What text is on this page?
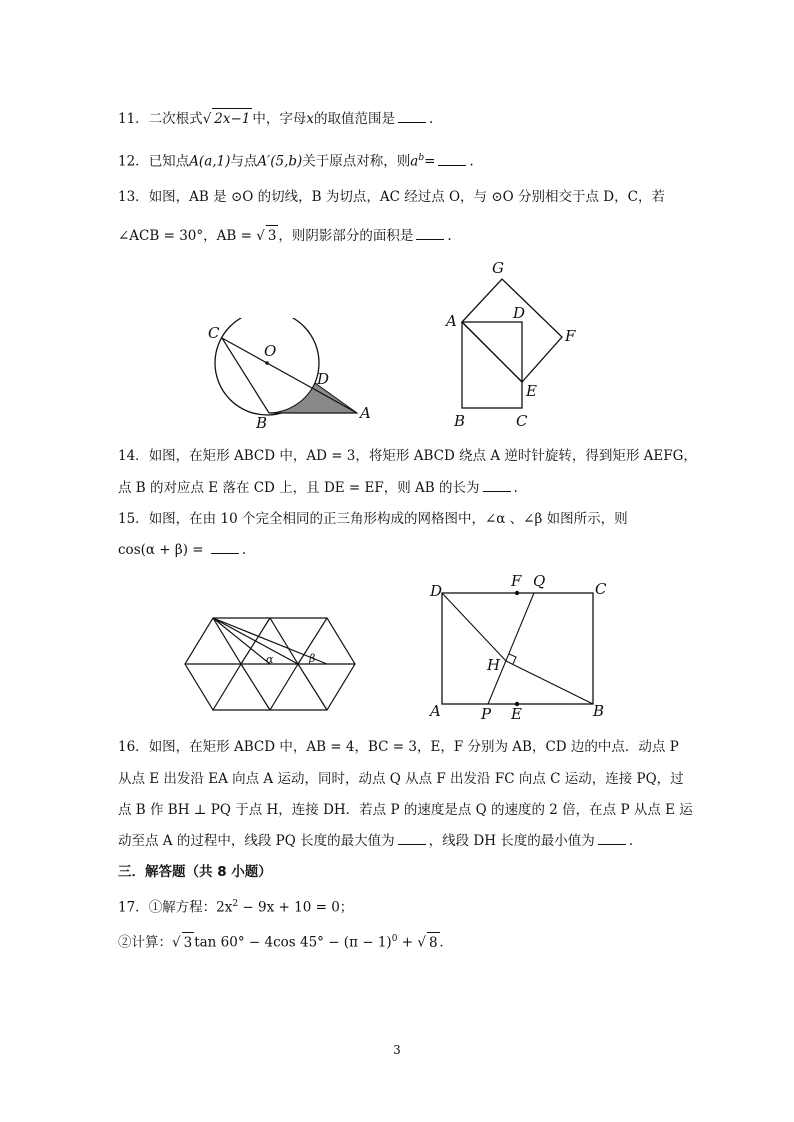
11．二次根式√ 2x−1 中，字母x的取值范围是	.
12．已知点A(a,1)与点A′(5,b)关于原点对称，则$a^b=$	.
13．如图，AB 是 ⊙O 的切线，B 为切点，AC 经过点 O，与 ⊙O 分别相交于点 D，C，若
∠ACB = 30°，AB = √ 3 ，则阴影部分的面积是	.
C
O
D
B
A
G
A	D
F
E
B	C
14．如图，在矩形 ABCD 中，AD = 3，将矩形 ABCD 绕点 A 逆时针旋转，得到矩形 AEFG，
点 B 的对应点 E 落在 CD 上，且 DE = EF，则 AB 的长为	.
15．如图，在由 10 个完全相同的正三角形构成的网格图中，∠α 、∠β 如图所示，则
cos(α + β) =	.
α	β
D
F Q	C
H
A	P E	B
16．如图，在矩形 ABCD 中，AB = 4，BC = 3，E，F 分别为 AB，CD 边的中点．动点 P
从点 E 出发沿 EA 向点 A 运动，同时，动点 Q 从点 F 出发沿 FC 向点 C 运动，连接 PQ，过
点 B 作 BH ⊥ PQ 于点 H，连接 DH．若点 P 的速度是点 Q 的速度的 2 倍，在点 P 从点 E 运
动至点 A 的过程中，线段 PQ 长度的最大值为	，线段 DH 长度的最小值为	.
三．解答题（共 8 小题）
17．①解方程：$2x^2 - 9x + 10 = 0$；
②计算：√ 3 tan 60° − 4cos $45^\circ - (\pi - 1)^0$ + √ 8 ．
3
